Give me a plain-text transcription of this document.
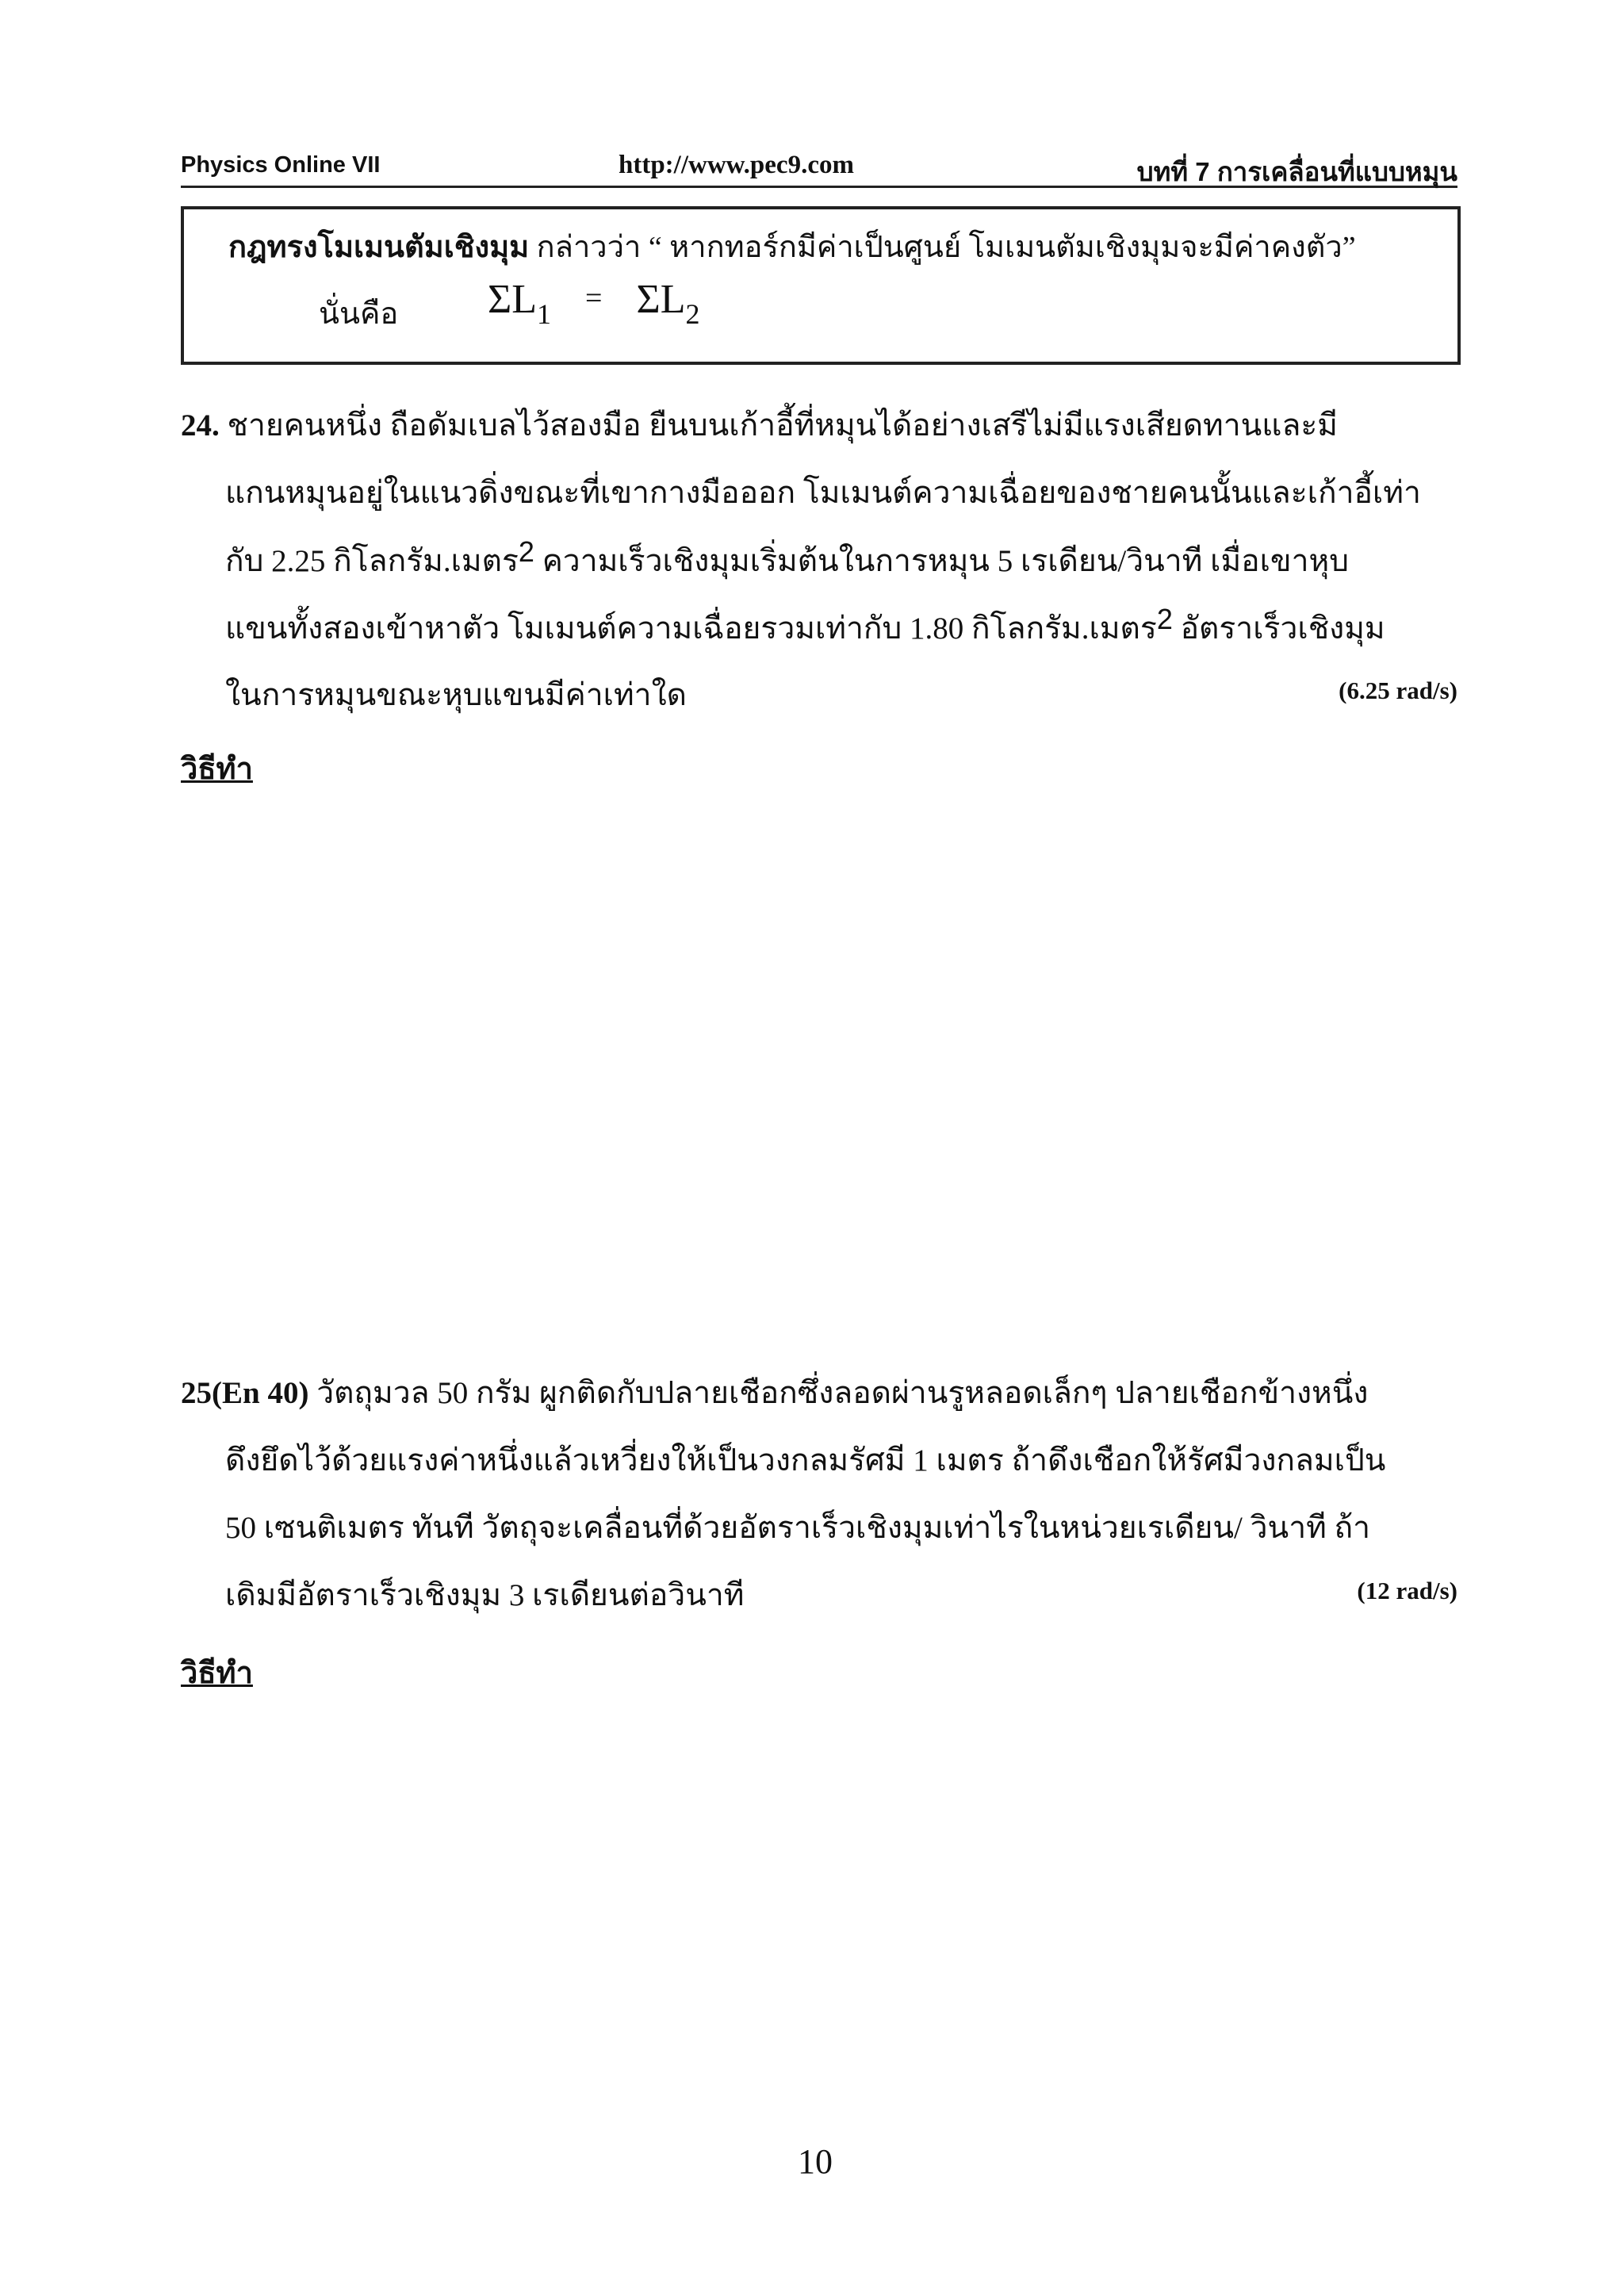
Physics Online VII	http://www.pec9.com	บทที่ 7 การเคลื่อนที่แบบหมุน
กฎทรงโมเมนตัมเชิงมุม กล่าวว่า “ หากทอร์กมีค่าเป็นศูนย์ โมเมนตัมเชิงมุมจะมีค่าคงตัว”
นั่นคือ $\Sigma L_1 = \Sigma L_2$
24. ชายคนหนึ่ง ถือดัมเบลไว้สองมือ ยืนบนเก้าอี้ที่หมุนได้อย่างเสรีไม่มีแรงเสียดทานและมี
แกนหมุนอยู่ในแนวดิ่งขณะที่เขากางมือออก โมเมนต์ความเฉื่อยของชายคนนั้นและเก้าอี้เท่า
กับ 2.25 กิโลกรัม.เมตร2 ความเร็วเชิงมุมเริ่มต้นในการหมุน 5 เรเดียน/วินาที เมื่อเขาหุบ
แขนทั้งสองเข้าหาตัว โมเมนต์ความเฉื่อยรวมเท่ากับ 1.80 กิโลกรัม.เมตร2 อัตราเร็วเชิงมุม
ในการหมุนขณะหุบแขนมีค่าเท่าใด	(6.25 rad/s)
วิธีทำ
25(En 40) วัตถุมวล 50 กรัม ผูกติดกับปลายเชือกซึ่งลอดผ่านรูหลอดเล็กๆ ปลายเชือกข้างหนึ่ง
ดึงยึดไว้ด้วยแรงค่าหนึ่งแล้วเหวี่ยงให้เป็นวงกลมรัศมี 1 เมตร ถ้าดึงเชือกให้รัศมีวงกลมเป็น
50 เซนติเมตร ทันที วัตถุจะเคลื่อนที่ด้วยอัตราเร็วเชิงมุมเท่าไรในหน่วยเรเดียน/ วินาที ถ้า
เดิมมีอัตราเร็วเชิงมุม 3 เรเดียนต่อวินาที	(12 rad/s)
วิธีทำ
10
